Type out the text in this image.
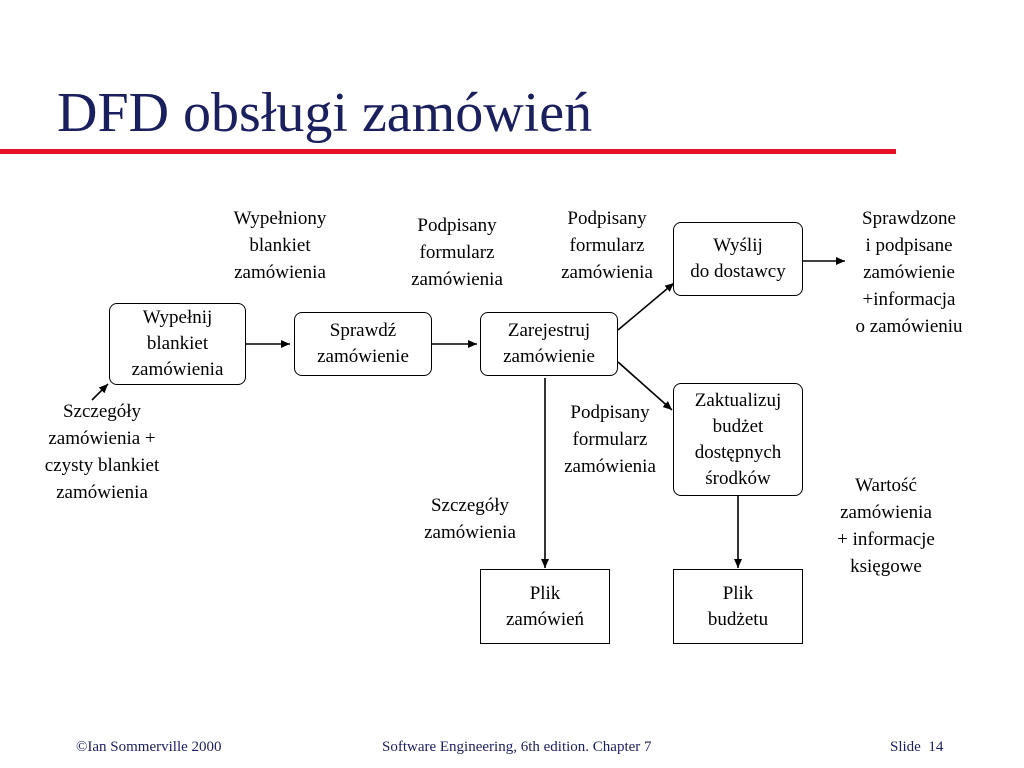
DFD obsługi zamówień
Wypełnij
blankiet
zamówienia
Sprawdź
zamówienie
Zarejestruj
zamówienie
Wyślij
do dostawcy
Zaktualizuj
budżet
dostępnych
środków
Plik
zamówień
Plik
budżetu
Szczegóły
zamówienia +
czysty blankiet
zamówienia
Wypełniony
blankiet
zamówienia
Podpisany
formularz
zamówienia
Podpisany
formularz
zamówienia
Podpisany
formularz
zamówienia
Sprawdzone
i podpisane
zamówienie
+informacja
o zamówieniu
Szczegóły
zamówienia
Wartość
zamówienia
+ informacje
księgowe
©Ian Sommerville 2000	Software Engineering, 6th edition. Chapter 7	Slide 14
